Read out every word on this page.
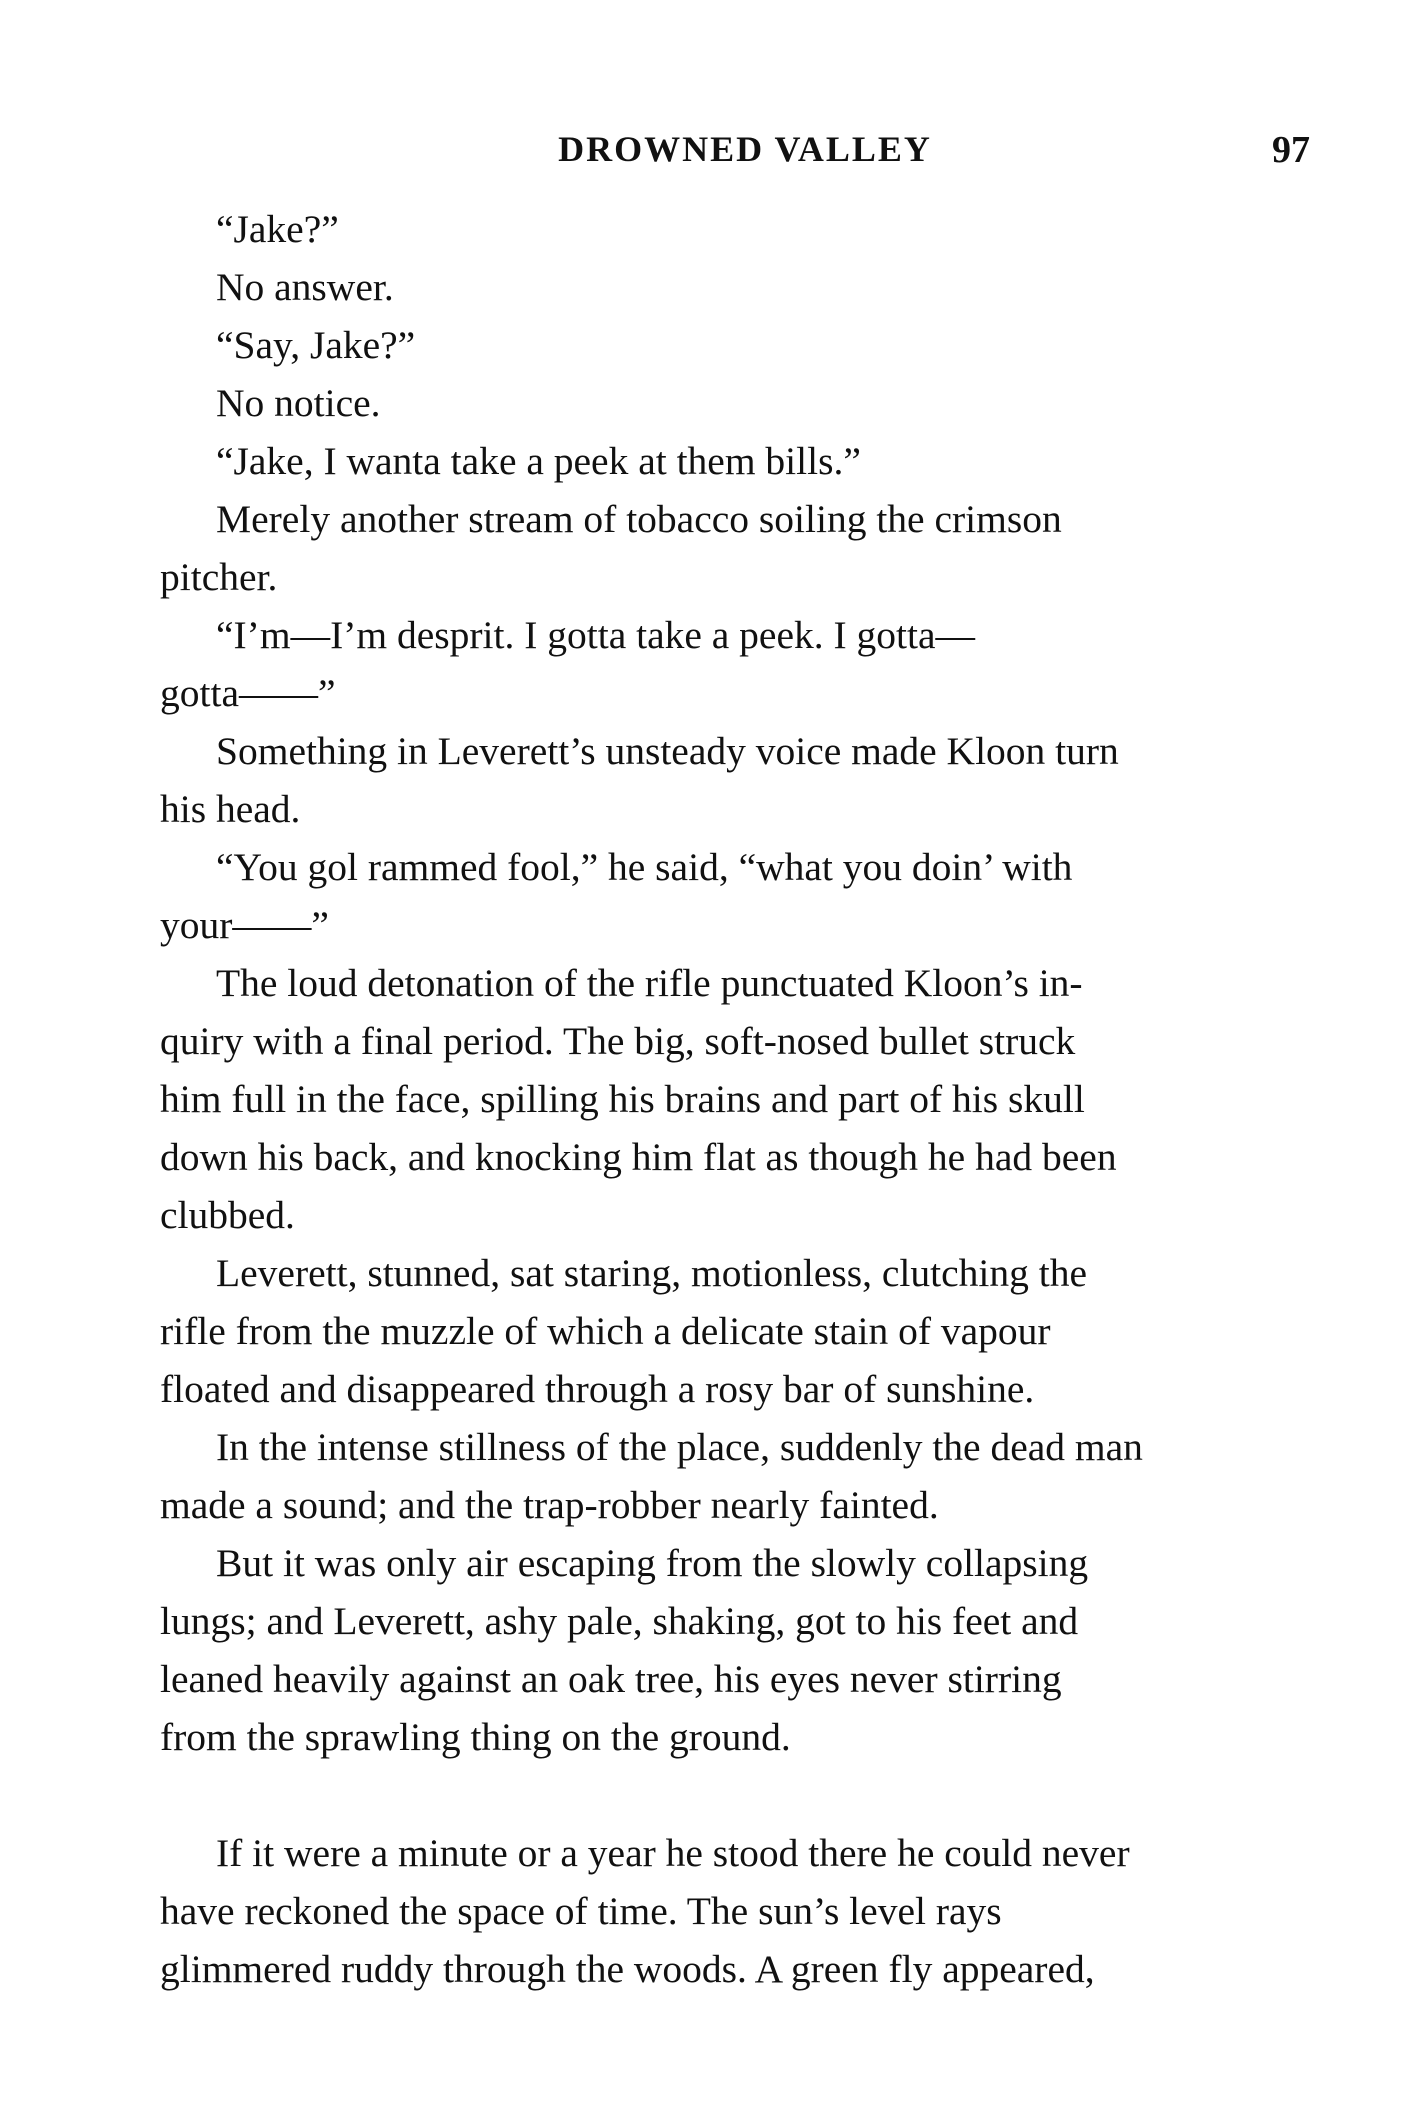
DROWNED VALLEY	97
“Jake?”
No answer.
“Say, Jake?”
No notice.
“Jake, I wanta take a peek at them bills.”
Merely another stream of tobacco soiling the crimson
pitcher.
“I’m—I’m desprit. I gotta take a peek. I gotta—
gotta——”
Something in Leverett’s unsteady voice made Kloon turn
his head.
“You gol rammed fool,” he said, “what you doin’ with
your——”
The loud detonation of the rifle punctuated Kloon’s in-
quiry with a final period. The big, soft-nosed bullet struck
him full in the face, spilling his brains and part of his skull
down his back, and knocking him flat as though he had been
clubbed.
Leverett, stunned, sat staring, motionless, clutching the
rifle from the muzzle of which a delicate stain of vapour
floated and disappeared through a rosy bar of sunshine.
In the intense stillness of the place, suddenly the dead man
made a sound; and the trap-robber nearly fainted.
But it was only air escaping from the slowly collapsing
lungs; and Leverett, ashy pale, shaking, got to his feet and
leaned heavily against an oak tree, his eyes never stirring
from the sprawling thing on the ground.
If it were a minute or a year he stood there he could never
have reckoned the space of time. The sun’s level rays
glimmered ruddy through the woods. A green fly appeared,
